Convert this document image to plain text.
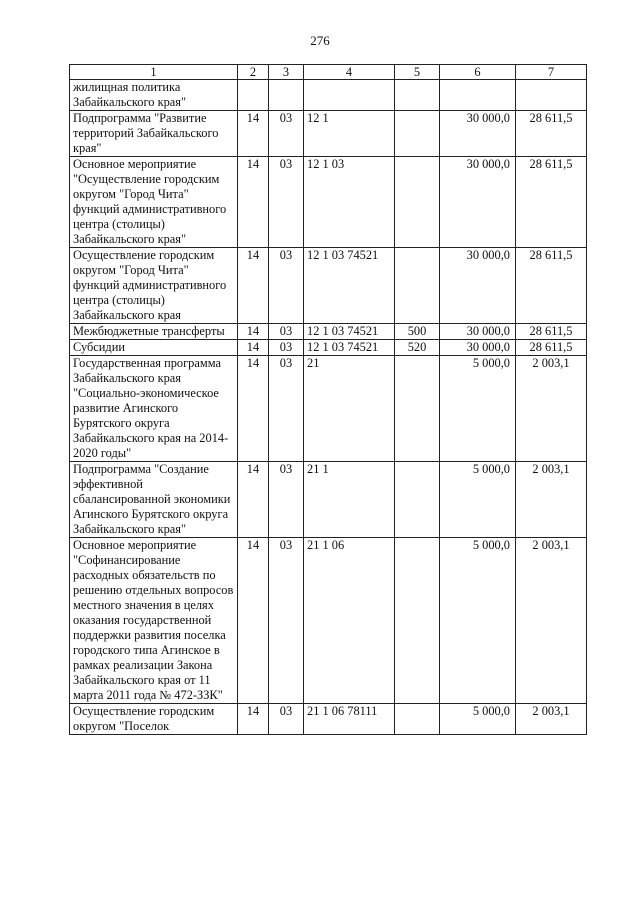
276
1	2	3	4	5	6	7
жилищная политика Забайкальского края"						
Подпрограмма "Развитие территорий Забайкальского края"	14	03	12 1		30 000,0	28 611,5
Основное мероприятие "Осуществление городским округом "Город Чита" функций административного центра (столицы) Забайкальского края"	14	03	12 1 03		30 000,0	28 611,5
Осуществление городским округом "Город Чита" функций административного центра (столицы) Забайкальского края	14	03	12 1 03 74521		30 000,0	28 611,5
Межбюджетные трансферты	14	03	12 1 03 74521	500	30 000,0	28 611,5
Субсидии	14	03	12 1 03 74521	520	30 000,0	28 611,5
Государственная программа Забайкальского края "Социально-экономическое развитие Агинского Бурятского округа Забайкальского края на 2014-2020 годы"	14	03	21		5 000,0	2 003,1
Подпрограмма "Создание эффективной сбалансированной экономики Агинского Бурятского округа Забайкальского края"	14	03	21 1		5 000,0	2 003,1
Основное мероприятие "Софинансирование расходных обязательств по решению отдельных вопросов местного значения в целях оказания государственной поддержки развития поселка городского типа Агинское в рамках реализации Закона Забайкальского края от 11 марта 2011 года № 472-ЗЗК"	14	03	21 1 06		5 000,0	2 003,1
Осуществление городским округом "Поселок	14	03	21 1 06 78111		5 000,0	2 003,1
